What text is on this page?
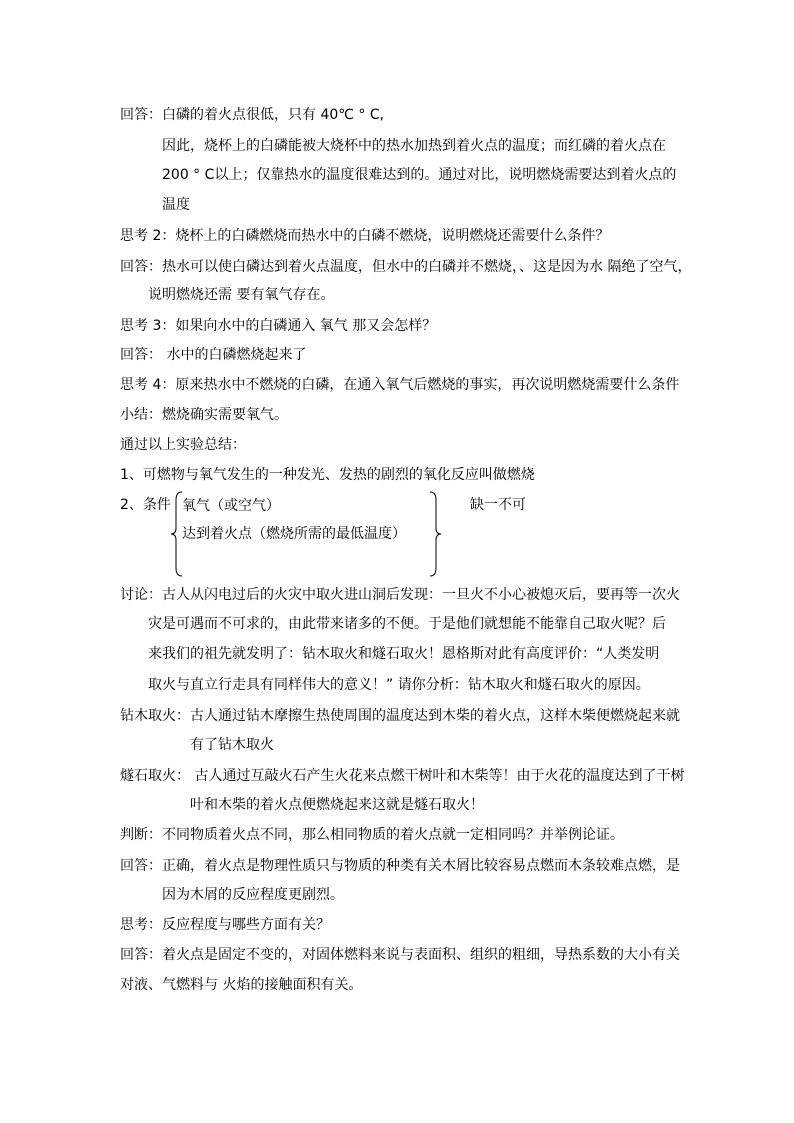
回答：白磷的着火点很低，只有 40℃ ° C,
因此，烧杯上的白磷能被大烧杯中的热水加热到着火点的温度；而红磷的着火点在
200 ° C以上；仅靠热水的温度很难达到的。通过对比，说明燃烧需要达到着火点的
温度
思考 2：烧杯上的白磷燃烧而热水中的白磷不燃烧，说明燃烧还需要什么条件？
回答：热水可以使白磷达到着火点温度，但水中的白磷并不燃烧，、这是因为水 隔绝了空气，
说明燃烧还需 要有氧气存在。
思考 3：如果向水中的白磷通入 氧气 那又会怎样？
回答： 水中的白磷燃烧起来了
思考 4：原来热水中不燃烧的白磷，在通入氧气后燃烧的事实，再次说明燃烧需要什么条件
小结：燃烧确实需要氧气。
通过以上实验总结：
1、可燃物与氧气发生的一种发光、发热的剧烈的氧化反应叫做燃烧
2、条件 氧气（或空气）
达到着火点（燃烧所需的最低温度）
缺一不可
讨论：古人从闪电过后的火灾中取火进山洞后发现：一旦火不小心被熄灭后，要再等一次火
灾是可遇而不可求的，由此带来诸多的不便。于是他们就想能不能靠自己取火呢？后
来我们的祖先就发明了：钻木取火和燧石取火！恩格斯对此有高度评价：“人类发明
取火与直立行走具有同样伟大的意义！” 请你分析：钻木取火和燧石取火的原因。
钻木取火：古人通过钻木摩擦生热使周围的温度达到木柴的着火点，这样木柴便燃烧起来就
有了钻木取火
燧石取火： 古人通过互敲火石产生火花来点燃干树叶和木柴等！由于火花的温度达到了干树
叶和木柴的着火点便燃烧起来这就是燧石取火！
判断：不同物质着火点不同，那么相同物质的着火点就一定相同吗？并举例论证。
回答：正确，着火点是物理性质只与物质的种类有关木屑比较容易点燃而木条较难点燃，是
因为木屑的反应程度更剧烈。
思考：反应程度与哪些方面有关？
回答：着火点是固定不变的，对固体燃料来说与表面积、组织的粗细，导热系数的大小有关
对液、气燃料与 火焰的接触面积有关。
